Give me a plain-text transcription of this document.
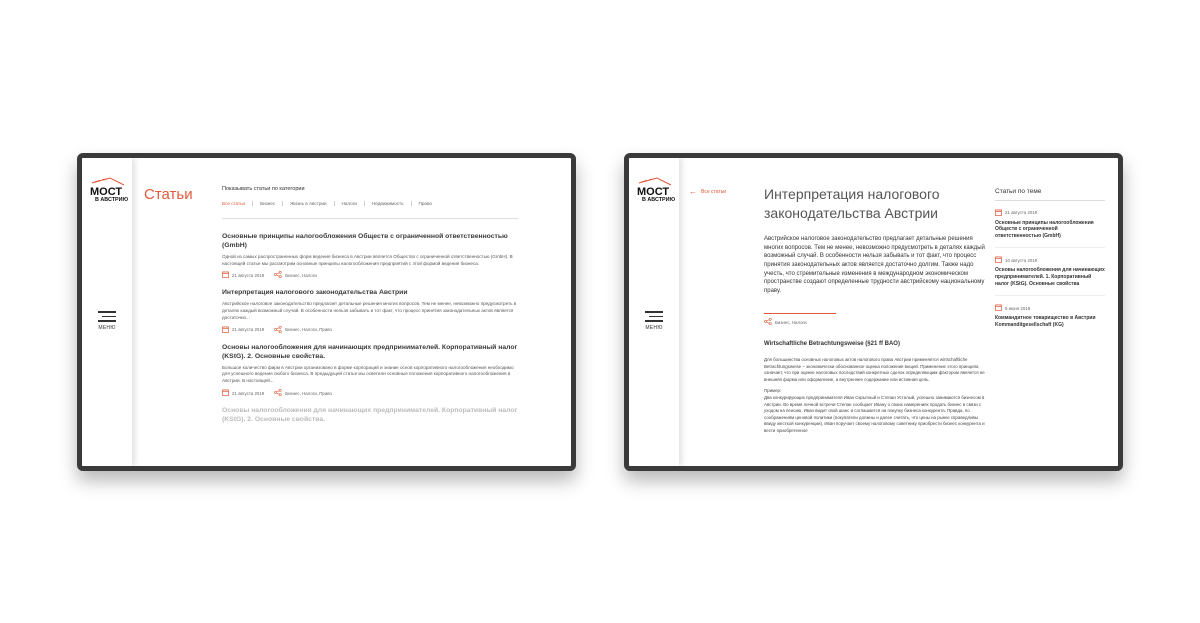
МОСТ
В АВСТРИЮ
МЕНЮ
Статьи	Показывать статьи по категории
Все статьи	Бизнес	Жизнь в Австрии	Налоги	Недвижимость	Право
Основные принципы налогообложения Обществ с ограниченной ответственностью (GmbH)

Одной из самых распространенных форм ведения бизнеса в Австрии является Общество с ограниченной ответственностью (GmbH). В настоящей статье мы рассмотрим основные принципы налогообложения предприятий с этой формой ведения бизнеса.

21 августа 2019	Бизнес, Налоги
Интерпретация налогового законодательства Австрии

Австрийское налоговое законодательство предлагает детальные решения многих вопросов. Тем не менее, невозможно предусмотреть в деталях каждый возможный случай. В особенности нельзя забывать и тот факт, что процесс принятия законодательных актов является достаточно...

21 августа 2019	Бизнес, Налоги, Право
Основы налогообложения для начинающих предпринимателей. Корпоративный налог (KStG). 2. Основные свойства.

Большое количество фирм в Австрии организовано в форме корпораций и знание основ корпоративного налогообложения необходимо для успешного ведения любого бизнеса. В предыдущей статье мы осветили основные положения корпоративного налогообложения в Австрии. В настоящей...

21 августа 2019	Бизнес, Налоги, Право
Основы налогообложения для начинающих предпринимателей. Корпоративный налог (KStG). 2. Основные свойства.
МОСТ
В АВСТРИЮ
МЕНЮ
← Все статьи	Интерпретация налогового законодательства Австрии
Австрийское налоговое законодательство предлагает детальные решения многих вопросов. Тем не менее, невозможно предусмотреть в деталях каждый возможный случай. В особенности нельзя забывать и тот факт, что процесс принятия законодательных актов является достаточно долгим. Также надо учесть, что стремительные изменения в международном экономическом пространстве создают определенные трудности австрийскому национальному праву.
Бизнес, Налоги
Wirtschaftliche Betrachtungsweise (§21 ff BAO)
Для большинства основных налоговых актов налогового права Австрии применяется wirtschaftliche Betrachtungsweise – экономически обоснованное оценка положения вещей. Применение этого принципа означает, что при оценке налоговых последствий конкретных сделок определяющим фактором является не внешняя форма или оформление, а внутреннее содержание или истинная цель.
Пример:
Два конкурирующих предпринимателя Иван Скрытный и Степан Усталый, успешно занимаются бизнесом в Австрии. Во время личной встречи Степан сообщает Ивану о своих намерениях продать бизнес в связи с уходом на пенсию. Иван видит свой шанс и соглашается на покупку бизнеса конкурента. Правда, по соображениям ценовой политики (покупатели должны и далее считать, что цены на рынке справедливы ввиду жесткой конкуренции), Иван поручает своему налоговому советнику приобрести бизнес конкурента и вести приобретенное
Статьи по теме
21 августа 2019
Основные принципы налогообложения Обществ с ограниченной ответственностью (GmbH)
10 августа 2019
Основы налогообложения для начинающих предпринимателей. 1. Корпоративный налог (KStG). Основные свойства
5 июня 2019
Коммандитное товарищество в Австрии Kommanditgesellschaft (KG)
